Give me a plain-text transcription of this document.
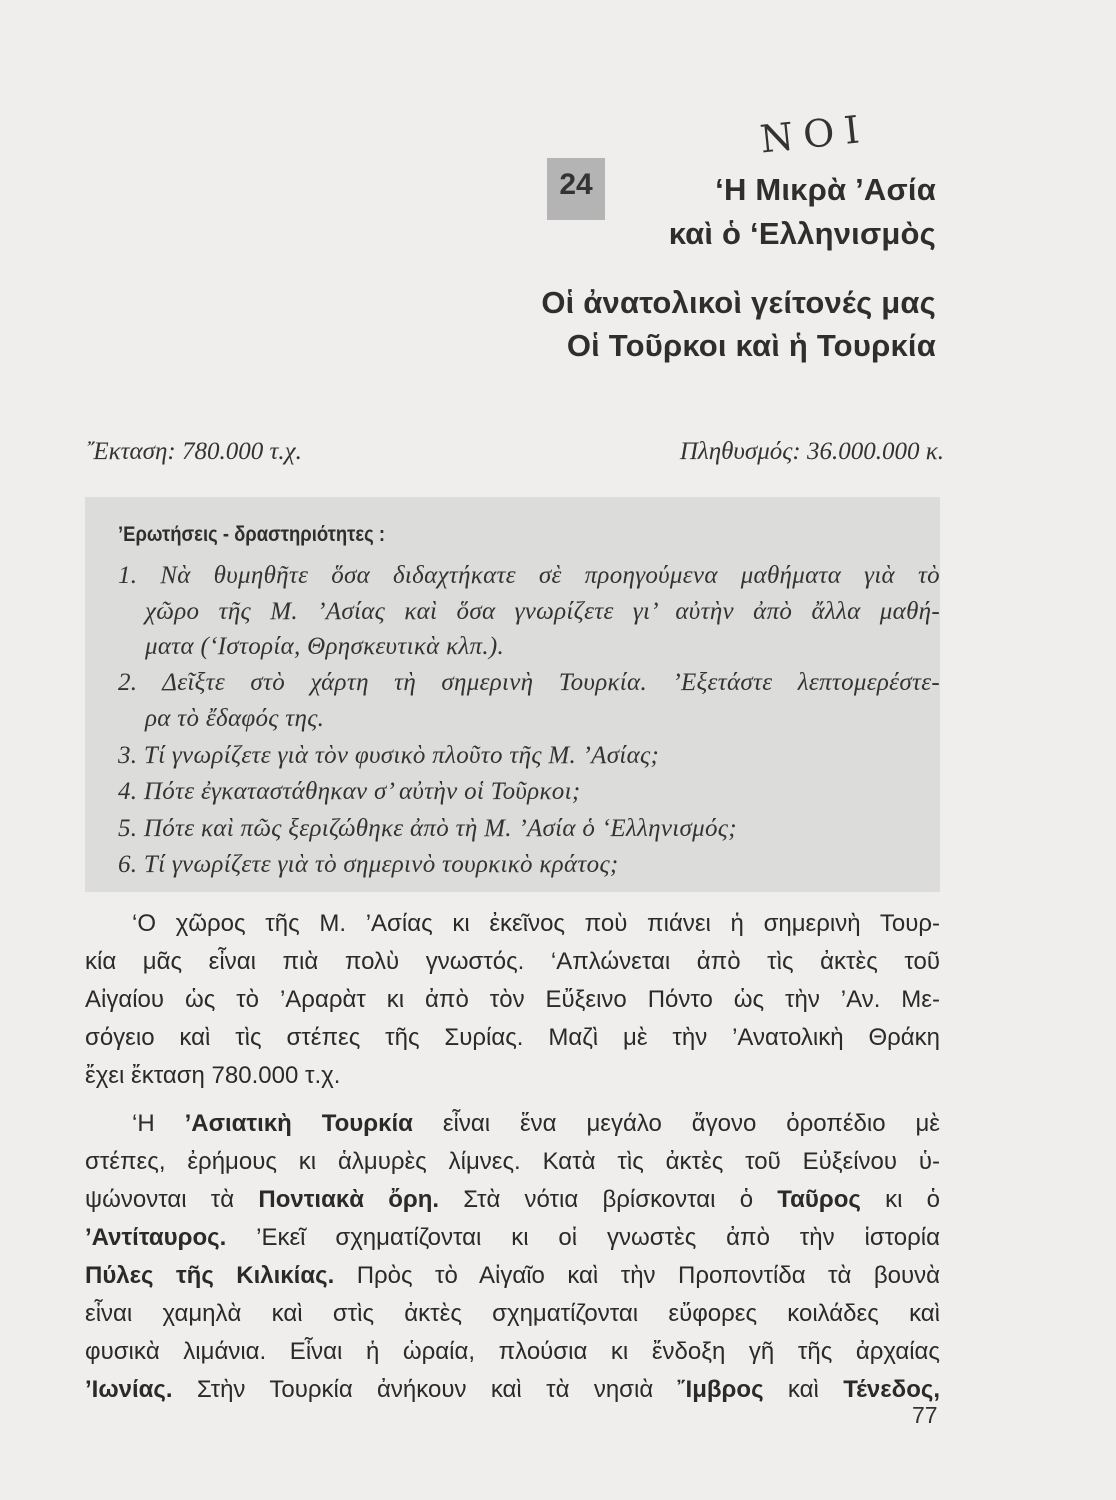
24
ΝΟΙ
‘Η Μικρὰ ’Ασία
καὶ ὁ ‘Ελληνισμὸς
Οἱ ἀνατολικοὶ γείτονές μας
Οἱ Τοῦρκοι καὶ ἡ Τουρκία
῎Εκταση: 780.000 τ.χ.	Πληθυσμός: 36.000.000 κ.
’Ερωτήσεις - δραστηριότητες :
1. Νὰ θυμηθῆτε ὅσα διδαχτήκατε σὲ προηγούμενα μαθήματα γιὰ τὸ
χῶρο τῆς Μ. ’Ασίας καὶ ὅσα γνωρίζετε γι’ αὐτὴν ἀπὸ ἄλλα μαθή-
ματα (‘Ιστορία, Θρησκευτικὰ κλπ.).
2. Δεῖξτε στὸ χάρτη τὴ σημερινὴ Τουρκία. ’Εξετάστε λεπτομερέστε-
ρα τὸ ἔδαφός της.
3. Τί γνωρίζετε γιὰ τὸν φυσικὸ πλοῦτο τῆς Μ. ’Ασίας;
4. Πότε ἐγκαταστάθηκαν σ’ αὐτὴν οἱ Τοῦρκοι;
5. Πότε καὶ πῶς ξεριζώθηκε ἀπὸ τὴ Μ. ’Ασία ὁ ‘Ελληνισμός;
6. Τί γνωρίζετε γιὰ τὸ σημερινὸ τουρκικὸ κράτος;
‘Ο χῶρος τῆς Μ. ’Ασίας κι ἐκεῖνος ποὺ πιάνει ἡ σημερινὴ Τουρ-
κία μᾶς εἶναι πιὰ πολὺ γνωστός. ‘Απλώνεται ἀπὸ τὶς ἀκτὲς τοῦ
Αἰγαίου ὡς τὸ ’Αραρὰτ κι ἀπὸ τὸν Εὔξεινο Πόντο ὡς τὴν ’Αν. Με-
σόγειο καὶ τὶς στέπες τῆς Συρίας. Μαζὶ μὲ τὴν ’Ανατολικὴ Θράκη
ἔχει ἔκταση 780.000 τ.χ.
‘Η ’Ασιατικὴ Τουρκία εἶναι ἕνα μεγάλο ἄγονο ὀροπέδιο μὲ
στέπες, ἐρήμους κι ἁλμυρὲς λίμνες. Κατὰ τὶς ἀκτὲς τοῦ Εὐξείνου ὑ-
ψώνονται τὰ Ποντιακὰ ὄρη. Στὰ νότια βρίσκονται ὁ Ταῦρος κι ὁ
’Αντίταυρος. ’Εκεῖ σχηματίζονται κι οἱ γνωστὲς ἀπὸ τὴν ἱστορία
Πύλες τῆς Κιλικίας. Πρὸς τὸ Αἰγαῖο καὶ τὴν Προποντίδα τὰ βουνὰ
εἶναι χαμηλὰ καὶ στὶς ἀκτὲς σχηματίζονται εὔφορες κοιλάδες καὶ
φυσικὰ λιμάνια. Εἶναι ἡ ὡραία, πλούσια κι ἔνδοξη γῆ τῆς ἀρχαίας
’Ιωνίας. Στὴν Τουρκία ἀνήκουν καὶ τὰ νησιὰ ῎Ιμβρος καὶ Τένεδος,
77
